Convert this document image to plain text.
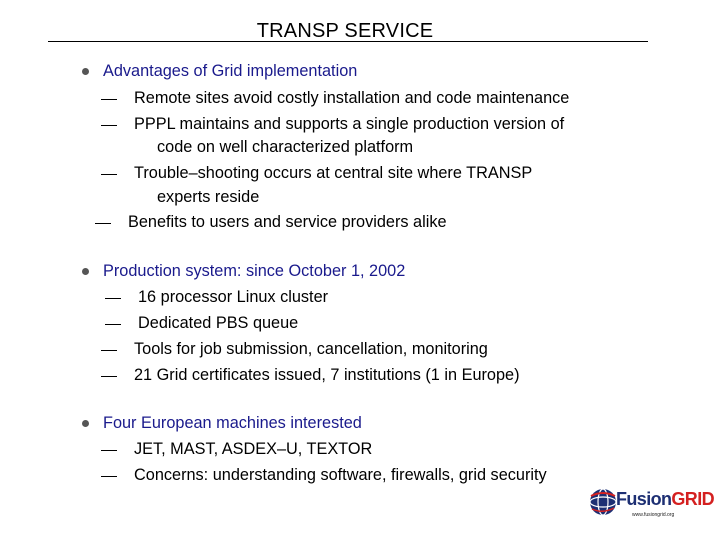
TRANSP SERVICE
Advantages of Grid implementation
Remote sites avoid costly installation and code maintenance
PPPL maintains and supports a single production version of
code on well characterized platform
Trouble–shooting occurs at central site where TRANSP
experts reside
Benefits to users and service providers alike
Production system: since October 1, 2002
16 processor Linux cluster
Dedicated PBS queue
Tools for job submission, cancellation, monitoring
21 Grid certificates issued, 7 institutions (1 in Europe)
Four European machines interested
JET, MAST, ASDEX–U, TEXTOR
Concerns: understanding software, firewalls, grid security
FusionGRID
www.fusiongrid.org
